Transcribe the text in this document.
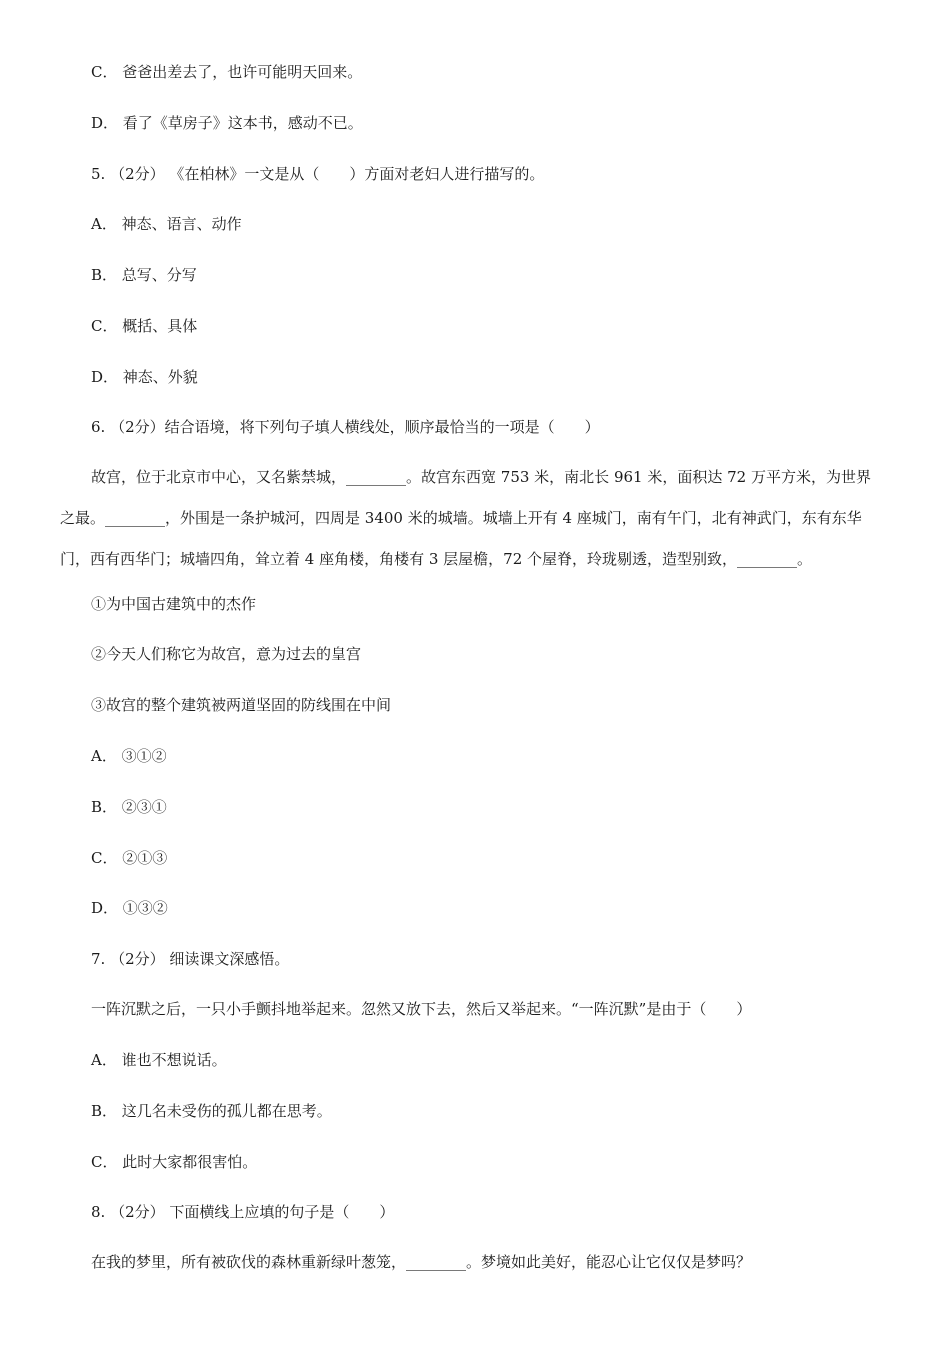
C． 爸爸出差去了，也许可能明天回来。
D． 看了《草房子》这本书，感动不已。
5. （2分） 《在柏林》一文是从（　　）方面对老妇人进行描写的。
A． 神态、语言、动作
B． 总写、分写
C． 概括、具体
D． 神态、外貌
6. （2分）结合语境，将下列句子填人横线处，顺序最恰当的一项是（　　）
故宫，位于北京市中心，又名紫禁城，________。故宫东西宽 753 米，南北长 961 米，面积达 72 万平方米，为世界
之最。________，外围是一条护城河，四周是 3400 米的城墙。城墙上开有 4 座城门，南有午门，北有神武门，东有东华
门，西有西华门；城墙四角，耸立着 4 座角楼，角楼有 3 层屋檐，72 个屋脊，玲珑剔透，造型别致，________。
①为中国古建筑中的杰作
②今天人们称它为故宫，意为过去的皇宫
③故宫的整个建筑被两道坚固的防线围在中间
A． ③①②
B． ②③①
C． ②①③
D． ①③②
7. （2分） 细读课文深感悟。
一阵沉默之后，一只小手颤抖地举起来。忽然又放下去，然后又举起来。“一阵沉默”是由于（　　）
A． 谁也不想说话。
B． 这几名未受伤的孤儿都在思考。
C． 此时大家都很害怕。
8. （2分） 下面横线上应填的句子是（　　）
在我的梦里，所有被砍伐的森林重新绿叶葱笼，________。梦境如此美好，能忍心让它仅仅是梦吗？
